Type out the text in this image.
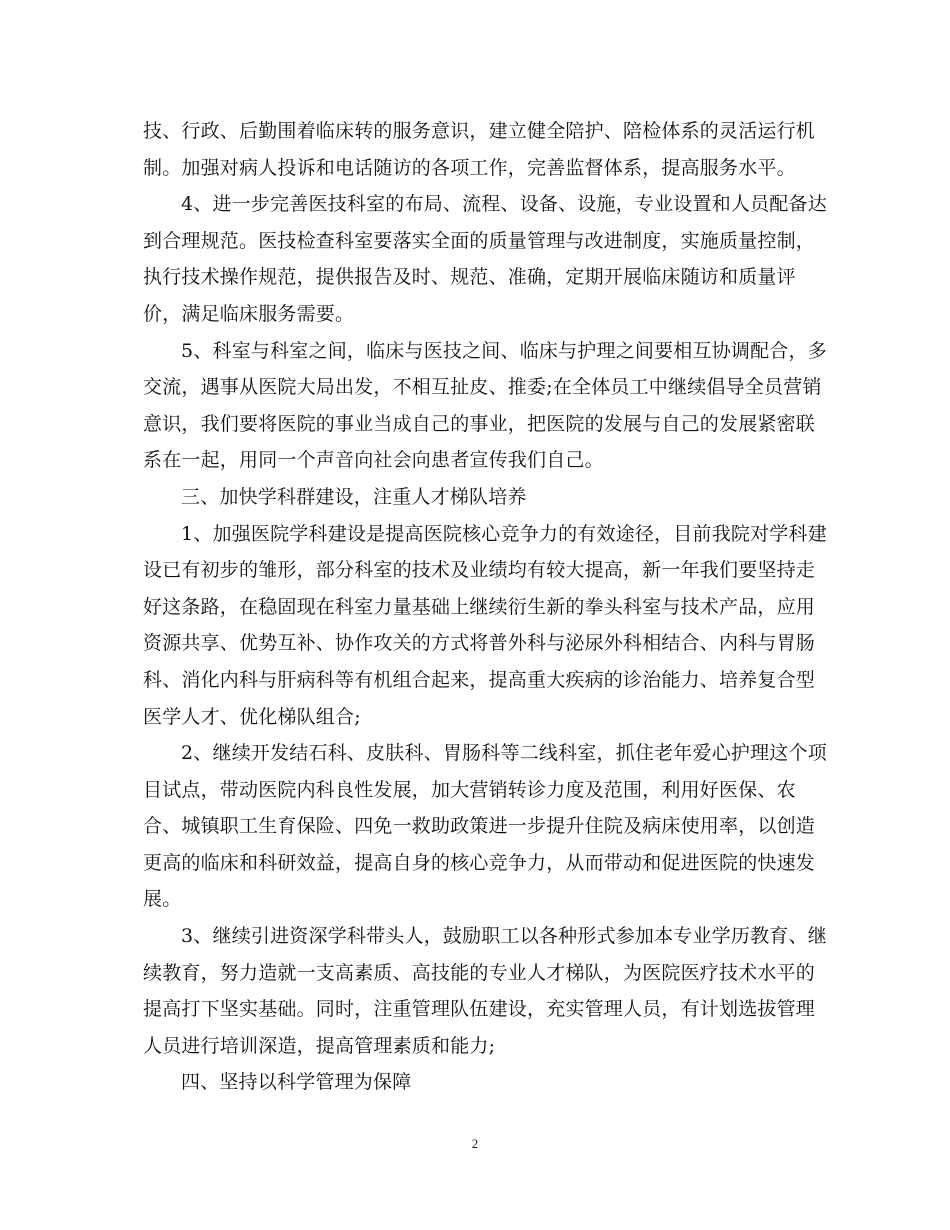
技、行政、后勤围着临床转的服务意识，建立健全陪护、陪检体系的灵活运行机
制。加强对病人投诉和电话随访的各项工作，完善监督体系，提高服务水平。
4、进一步完善医技科室的布局、流程、设备、设施，专业设置和人员配备达
到合理规范。医技检查科室要落实全面的质量管理与改进制度，实施质量控制，
执行技术操作规范，提供报告及时、规范、准确，定期开展临床随访和质量评
价，满足临床服务需要。
5、科室与科室之间，临床与医技之间、临床与护理之间要相互协调配合，多
交流，遇事从医院大局出发，不相互扯皮、推委;在全体员工中继续倡导全员营销
意识，我们要将医院的事业当成自己的事业，把医院的发展与自己的发展紧密联
系在一起，用同一个声音向社会向患者宣传我们自己。
三、加快学科群建设，注重人才梯队培养
1、加强医院学科建设是提高医院核心竞争力的有效途径，目前我院对学科建
设已有初步的雏形，部分科室的技术及业绩均有较大提高，新一年我们要坚持走
好这条路，在稳固现在科室力量基础上继续衍生新的拳头科室与技术产品，应用
资源共享、优势互补、协作攻关的方式将普外科与泌尿外科相结合、内科与胃肠
科、消化内科与肝病科等有机组合起来，提高重大疾病的诊治能力、培养复合型
医学人才、优化梯队组合;
2、继续开发结石科、皮肤科、胃肠科等二线科室，抓住老年爱心护理这个项
目试点，带动医院内科良性发展，加大营销转诊力度及范围，利用好医保、农
合、城镇职工生育保险、四免一救助政策进一步提升住院及病床使用率，以创造
更高的临床和科研效益，提高自身的核心竞争力，从而带动和促进医院的快速发
展。
3、继续引进资深学科带头人，鼓励职工以各种形式参加本专业学历教育、继
续教育，努力造就一支高素质、高技能的专业人才梯队，为医院医疗技术水平的
提高打下坚实基础。同时，注重管理队伍建设，充实管理人员，有计划选拔管理
人员进行培训深造，提高管理素质和能力;
四、坚持以科学管理为保障
2
